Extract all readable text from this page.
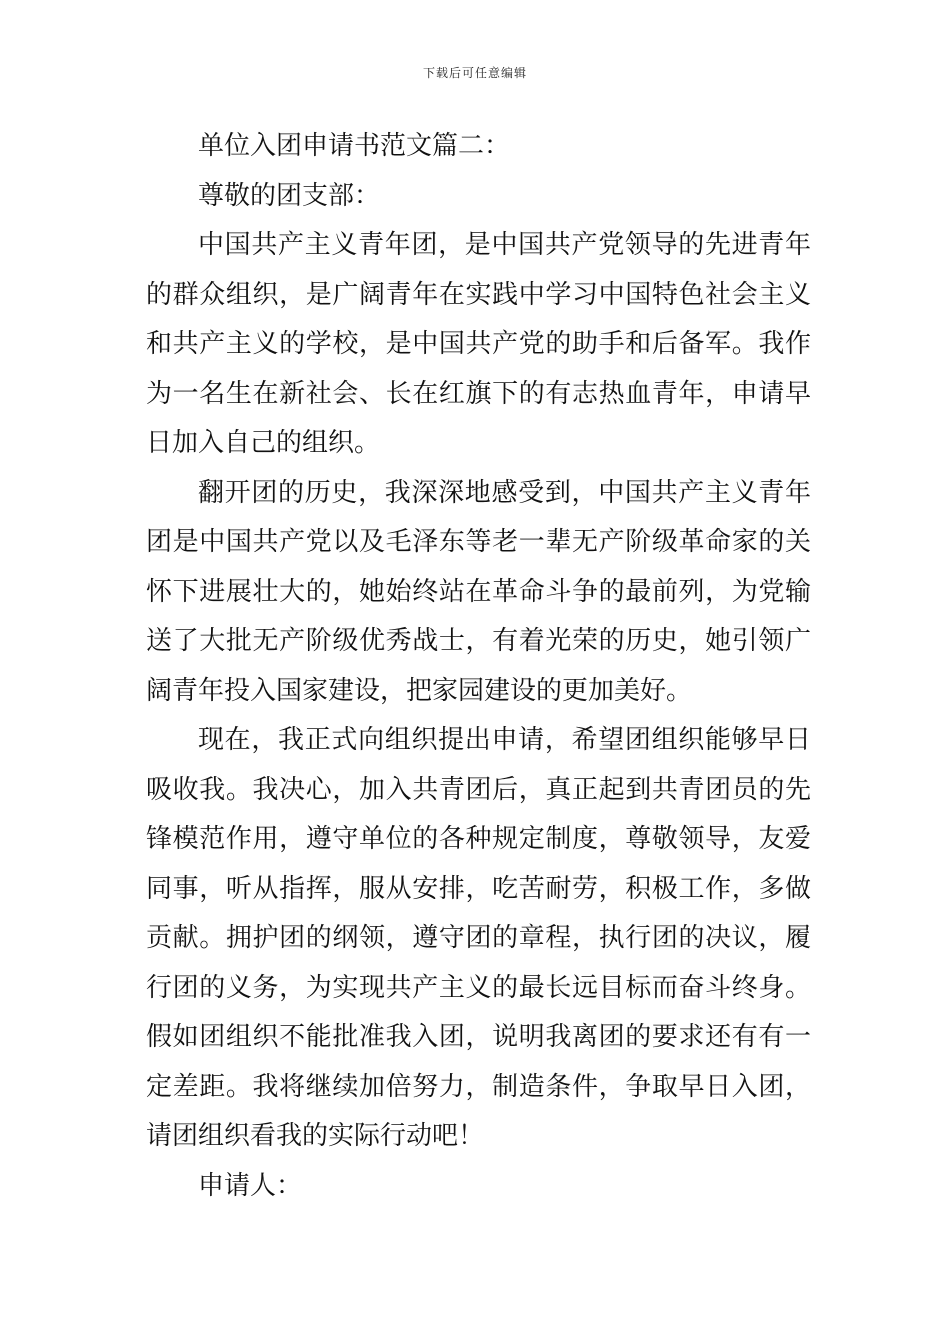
下载后可任意编辑

单位入团申请书范文篇二：

尊敬的团支部：

中国共产主义青年团，是中国共产党领导的先进青年的群众组织，是广阔青年在实践中学习中国特色社会主义和共产主义的学校，是中国共产党的助手和后备军。我作为一名生在新社会、长在红旗下的有志热血青年，申请早日加入自己的组织。

翻开团的历史，我深深地感受到，中国共产主义青年团是中国共产党以及毛泽东等老一辈无产阶级革命家的关怀下进展壮大的，她始终站在革命斗争的最前列，为党输送了大批无产阶级优秀战士，有着光荣的历史，她引领广阔青年投入国家建设，把家园建设的更加美好。

现在，我正式向组织提出申请，希望团组织能够早日吸收我。我决心，加入共青团后，真正起到共青团员的先锋模范作用，遵守单位的各种规定制度，尊敬领导，友爱同事，听从指挥，服从安排，吃苦耐劳，积极工作，多做贡献。拥护团的纲领，遵守团的章程，执行团的决议，履行团的义务，为实现共产主义的最长远目标而奋斗终身。假如团组织不能批准我入团，说明我离团的要求还有有一定差距。我将继续加倍努力，制造条件，争取早日入团，请团组织看我的实际行动吧！

申请人：
